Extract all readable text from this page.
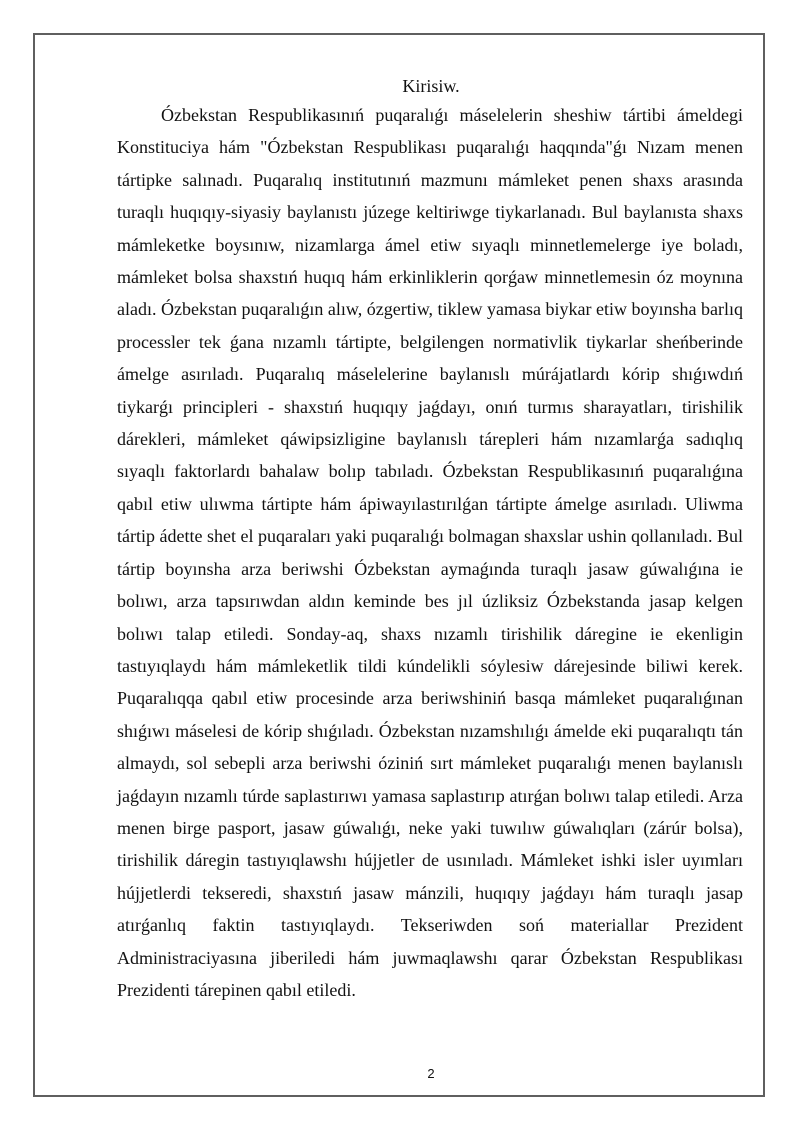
Kirisiw.

Ózbekstan Respublikasınıń puqaralıǵı máselelerin sheshiw tártibi ámeldegi Konstituciya hám "Ózbekstan Respublikası puqaralıǵı haqqında"ǵı Nızam menen tártipke salınadı. Puqaralıq institutınıń mazmunı mámleket penen shaxs arasında turaqlı huqıqıy-siyasiy baylanıstı júzege keltiriwge tiykarlanadı. Bul baylanısta shaxs mámleketke boysınıw, nizamlarga ámel etiw sıyaqlı minnetlemelerge iye boladı, mámleket bolsa shaxstıń huqıq hám erkinliklerin qorǵaw minnetlemesin óz moynına aladı. Ózbekstan puqaralıǵın alıw, ózgertiw, tiklew yamasa biykar etiw boyınsha barlıq processler tek ǵana nızamlı tártipte, belgilengen normativlik tiykarlar sheńberinde ámelge asırıladı. Puqaralıq máselelerine baylanıslı múrájatlardı kórip shıǵıwdıń tiykarǵı principleri - shaxstıń huqıqıy jaǵdayı, onıń turmıs sharayatları, tirishilik dárekleri, mámleket qáwipsizligine baylanıslı tárepleri hám nızamlarǵa sadıqlıq sıyaqlı faktorlardı bahalaw bolıp tabıladı. Ózbekstan Respublikasınıń puqaralıǵına qabıl etiw ulıwma tártipte hám ápiwayılastırılǵan tártipte ámelge asırıladı. Uliwma tártip ádette shet el puqaraları yaki puqaralıǵı bolmagan shaxslar ushin qollanıladı. Bul tártip boyınsha arza beriwshi Ózbekstan aymaǵında turaqlı jasaw gúwalıǵına ie bolıwı, arza tapsırıwdan aldın keminde bes jıl úzliksiz Ózbekstanda jasap kelgen bolıwı talap etiledi. Sonday-aq, shaxs nızamlı tirishilik dáregine ie ekenligin tastıyıqlaydı hám mámleketlik tildi kúndelikli sóylesiw dárejesinde biliwi kerek. Puqaralıqqa qabıl etiw procesinde arza beriwshiniń basqa mámleket puqaralıǵınan shıǵıwı máselesi de kórip shıǵıladı. Ózbekstan nızamshılıǵı ámelde eki puqaralıqtı tán almaydı, sol sebepli arza beriwshi óziniń sırt mámleket puqaralıǵı menen baylanıslı jaǵdayın nızamlı túrde saplastırıwı yamasa saplastırıp atırǵan bolıwı talap etiledi. Arza menen birge pasport, jasaw gúwalıǵı, neke yaki tuwılıw gúwalıqları (zárúr bolsa), tirishilik dáregin tastıyıqlawshı hújjetler de usınıladı. Mámleket ishki isler uyımları hújjetlerdi tekseredi, shaxstıń jasaw mánzili, huqıqıy jaǵdayı hám turaqlı jasap atırǵanlıq faktin tastıyıqlaydı. Tekseriwden soń materiallar Prezident Administraciyasına jiberiledi hám juwmaqlawshı qarar Ózbekstan Respublikası Prezidenti tárepinen qabıl etiledi.

2
